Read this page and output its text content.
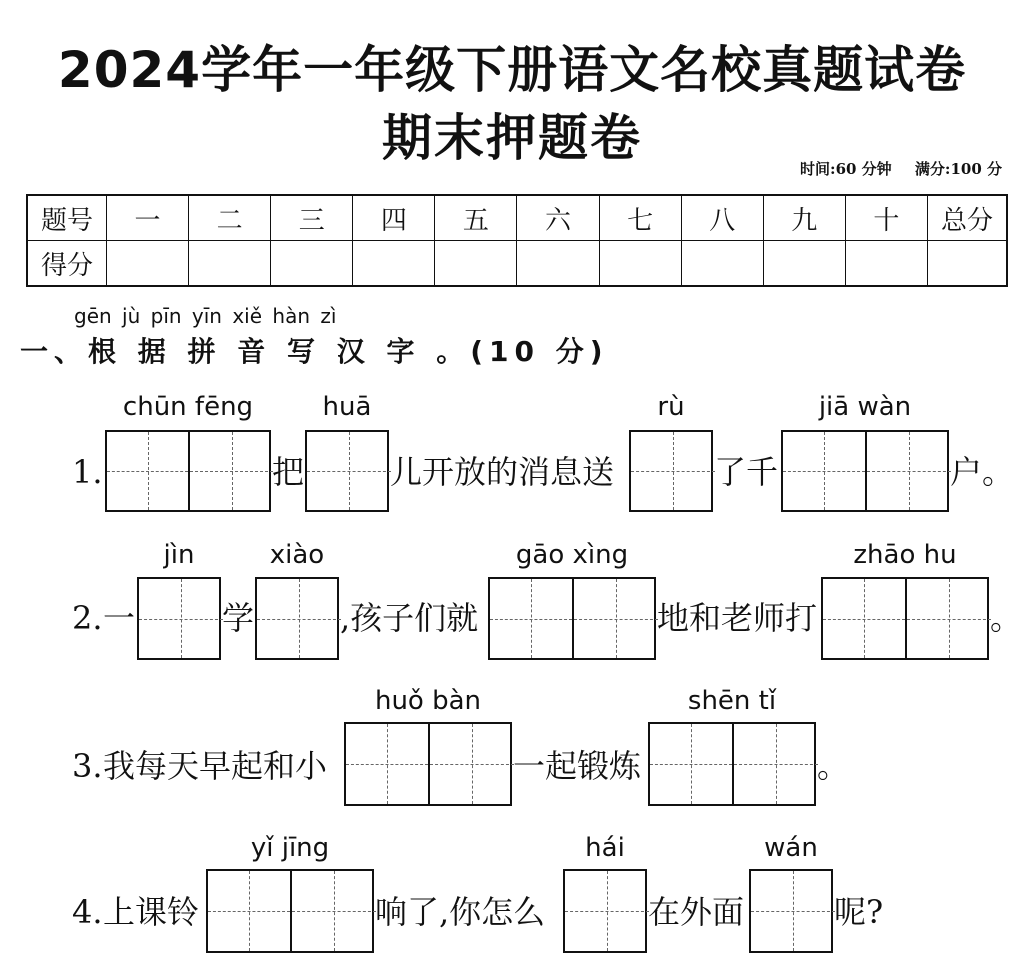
2024学年一年级下册语文名校真题试卷
期末押题卷
时间:60 分钟 满分:100 分
题号	一	二	三	四	五	六	七	八	九	十	总分
得分											
gēn jù pīn yīn xiě hàn zì
一、根 据 拼 音 写 汉 字 。(10 分)
1.
chūn fēng
把
huā
儿开放的消息送
rù
了千
jiā wàn
户。
2. 一
jìn
学
xiào
,孩子们就
gāo xìng
地和老师打
zhāo hu
。
3. 我每天早起和小
huǒ bàn
一起锻炼
shēn tǐ
。
4. 上课铃
yǐ jīng
响了,你怎么
hái
在外面
wán
呢?
